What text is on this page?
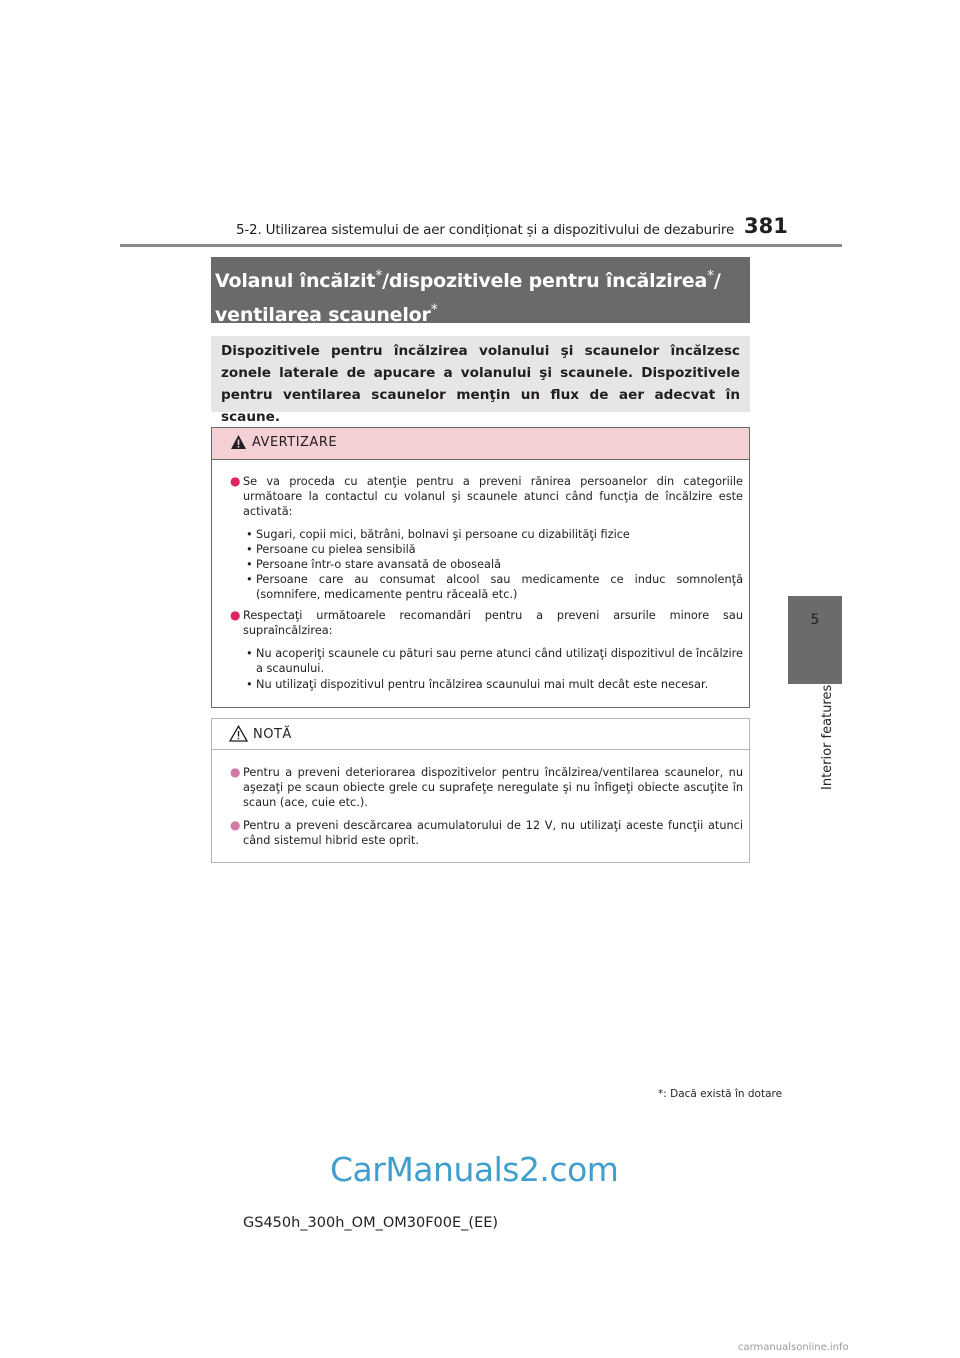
5-2. Utilizarea sistemului de aer condiționat și a dispozitivului de dezaburire 381
5
Interior features
Volanul încălzit*/dispozitivele pentru încălzirea*/
ventilarea scaunelor*
Dispozitivele pentru încălzirea volanului şi scaunelor încălzesc zonele laterale de apucare a volanului şi scaunele. Dispozitivele pentru ventilarea scaunelor menţin un flux de aer adecvat în scaune.
AVERTIZARE
● Se va proceda cu atenţie pentru a preveni rănirea persoanelor din categoriile următoare la contactul cu volanul şi scaunele atunci când funcţia de încălzire este activată:
• Sugari, copii mici, bătrâni, bolnavi şi persoane cu dizabilităţi fizice
• Persoane cu pielea sensibilă
• Persoane într-o stare avansată de oboseală
• Persoane care au consumat alcool sau medicamente ce induc somnolenţă (somnifere, medicamente pentru răceală etc.)
● Respectaţi următoarele recomandări pentru a preveni arsurile minore sau supraîncălzirea:
• Nu acoperiţi scaunele cu pături sau perne atunci când utilizaţi dispozitivul de încălzire a scaunului.
• Nu utilizaţi dispozitivul pentru încălzirea scaunului mai mult decât este necesar.
NOTĂ
● Pentru a preveni deteriorarea dispozitivelor pentru încălzirea/ventilarea scaunelor, nu aşezaţi pe scaun obiecte grele cu suprafeţe neregulate şi nu înfigeţi obiecte ascuţite în scaun (ace, cuie etc.).
● Pentru a preveni descărcarea acumulatorului de 12 V, nu utilizaţi aceste funcţii atunci când sistemul hibrid este oprit.
*: Dacă există în dotare
CarManuals2.com
GS450h_300h_OM_OM30F00E_(EE)
carmanualsonline.info
